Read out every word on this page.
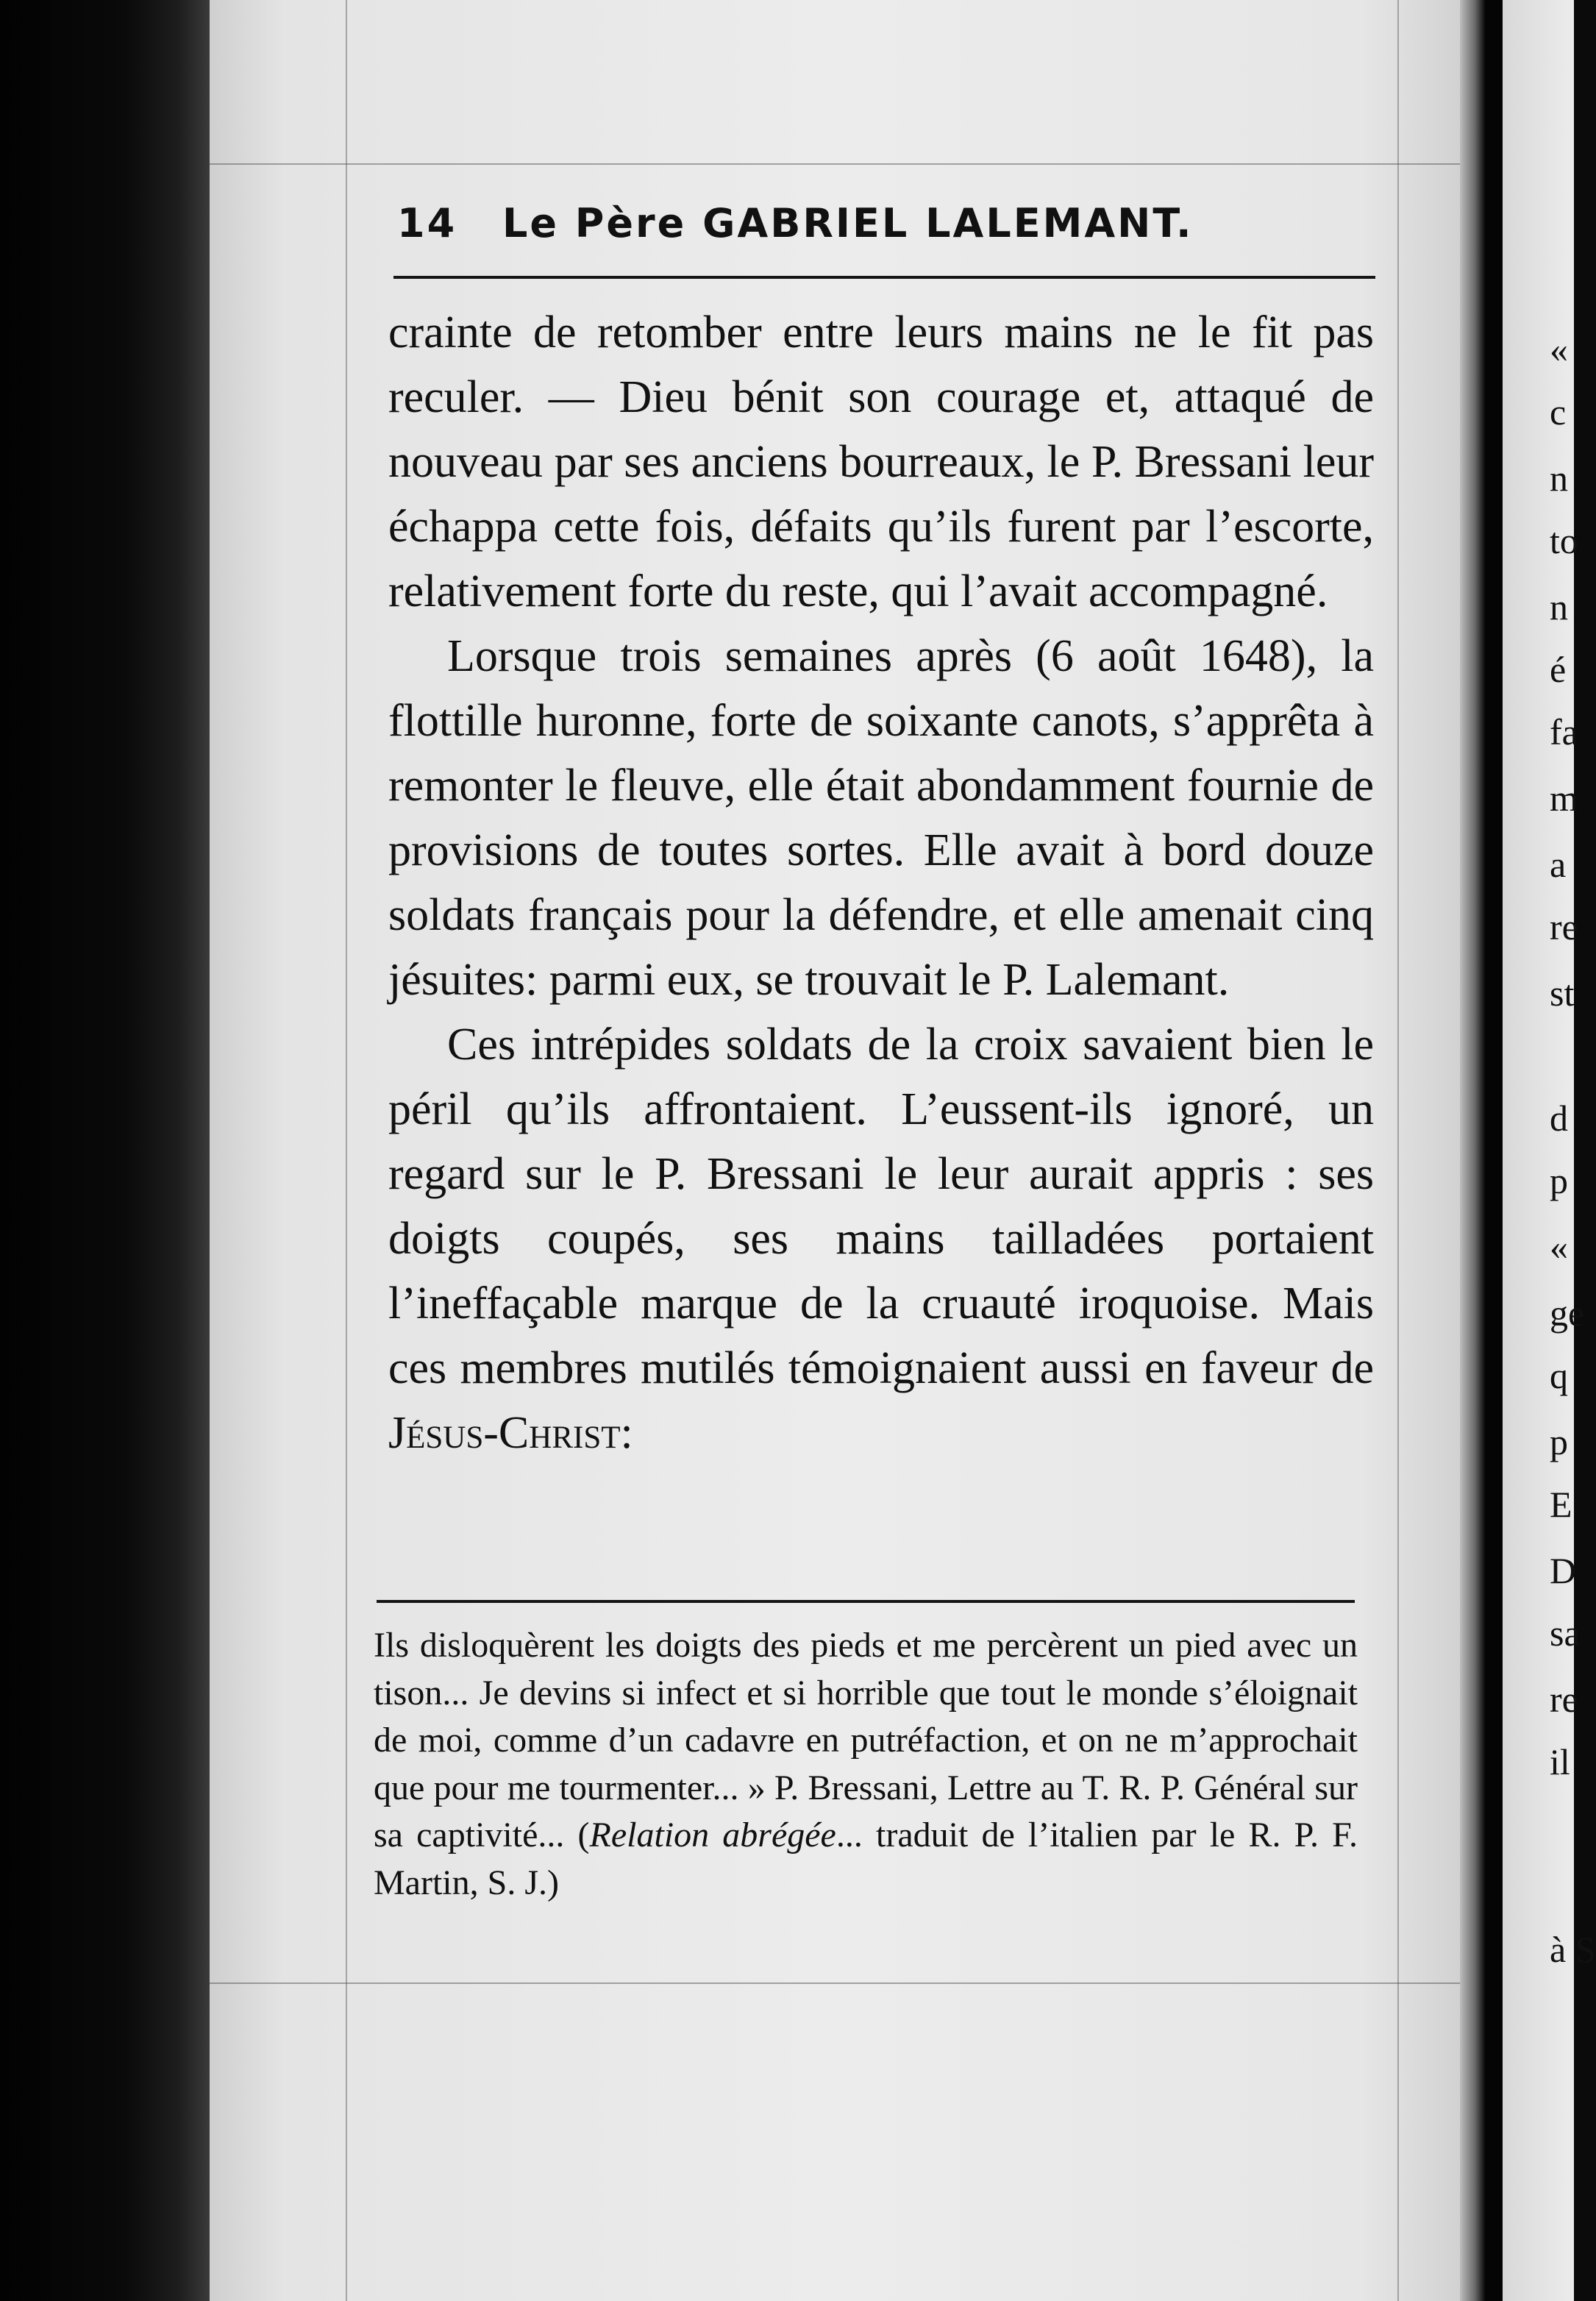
14 Le Père GABRIEL LALEMANT.

crainte de retomber entre leurs mains ne le fit pas reculer. — Dieu bénit son courage et, attaqué de nouveau par ses anciens bourreaux, le P. Bressani leur échappa cette fois, défaits qu’ils furent par l’escorte, relativement forte du reste, qui l’avait accompagné.

Lorsque trois semaines après (6 août 1648), la flottille huronne, forte de soixante canots, s’apprêta à remonter le fleuve, elle était abondamment fournie de provisions de toutes sortes. Elle avait à bord douze soldats français pour la défendre, et elle amenait cinq jésuites: parmi eux, se trouvait le P. Lalemant.

Ces intrépides soldats de la croix savaient bien le péril qu’ils affrontaient. L’eussent-ils ignoré, un regard sur le P. Bressani le leur aurait appris : ses doigts coupés, ses mains tailladées portaient l’ineffaçable marque de la cruauté iroquoise. Mais ces membres mutilés témoignaient aussi en faveur de Jésus-Christ:

Ils disloquèrent les doigts des pieds et me percèrent un pied avec un tison... Je devins si infect et si horrible que tout le monde s’éloignait de moi, comme d’un cadavre en putréfaction, et on ne m’approchait que pour me tourmenter... » P. Bressani, Lettre au T. R. P. Général sur sa captivité... (Relation abrégée... traduit de l’italien par le R. P. F. Martin, S. J.)

«
c
n
to
n
é
fa
m
a
re
st
d
p
«
ge
q
p
E
D
sa
re
il
à S
